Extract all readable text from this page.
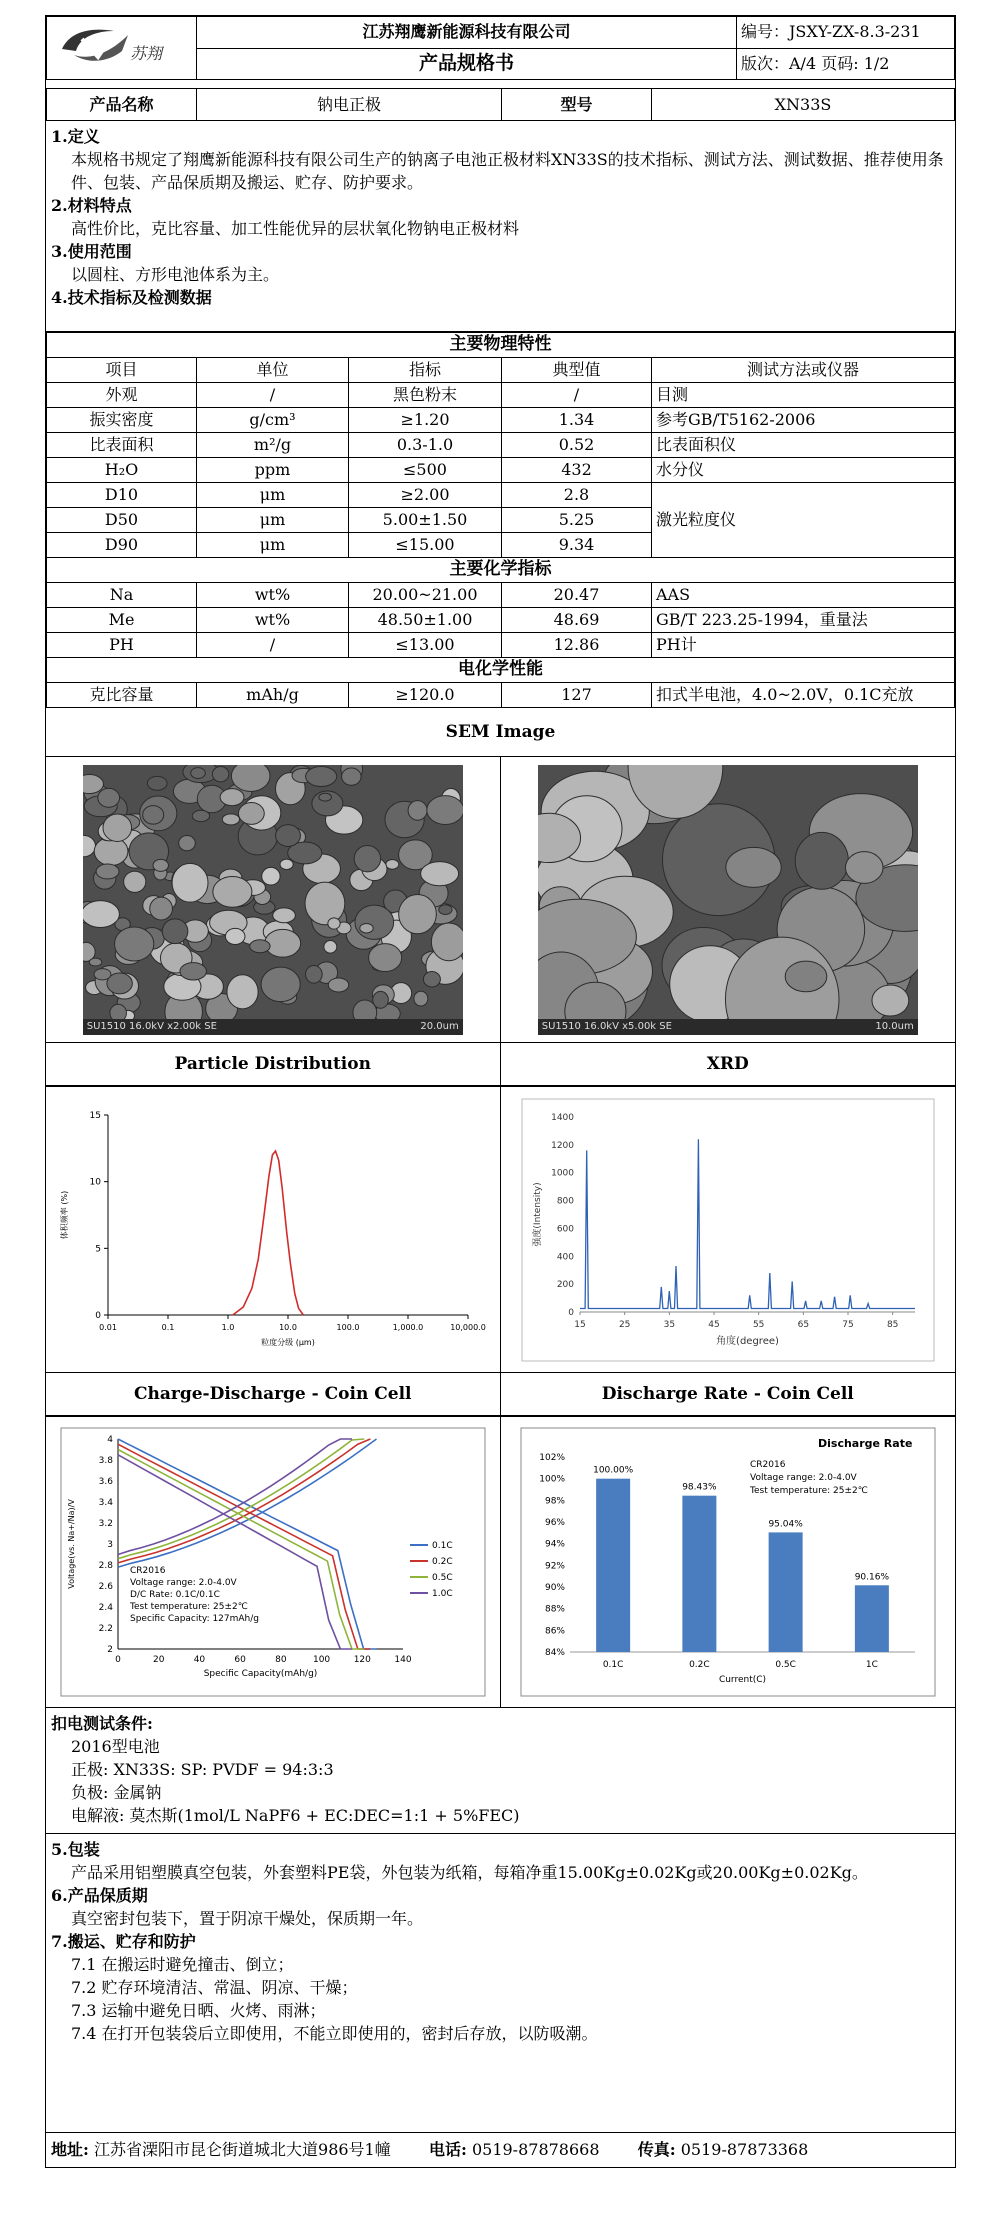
苏翔	江苏翔鹰新能源科技有限公司	编号：JSXY-ZX-8.3-231
	产品规格书	版次：A/4 页码: 1/2
产品名称	钠电正极	型号	XN33S

1.定义

本规格书规定了翔鹰新能源科技有限公司生产的钠离子电池正极材料XN33S的技术指标、测试方法、测试数据、推荐使用条件、包装、产品保质期及搬运、贮存、防护要求。

2.材料特点

高性价比，克比容量、加工性能优异的层状氧化物钠电正极材料

3.使用范围

以圆柱、方形电池体系为主。

4.技术指标及检测数据

主要物理特性				
项目	单位	指标	典型值	测试方法或仪器
外观	/	黑色粉末	/	目测
振实密度	g/cm³	≥1.20	1.34	参考GB/T5162-2006
比表面积	m²/g	0.3-1.0	0.52	比表面积仪
H₂O	ppm	≤500	432	水分仪
D10	μm	≥2.00	2.8	激光粒度仪
D50	μm	5.00±1.50	5.25	
D90	μm	≤15.00	9.34	
主要化学指标				
Na	wt%	20.00~21.00	20.47	AAS
Me	wt%	48.50±1.00	48.69	GB/T 223.25-1994，重量法
PH	/	≤13.00	12.86	PH计
电化学性能				
克比容量	mAh/g	≥120.0	127	扣式半电池，4.0~2.0V，0.1C充放
SEM Image
SU1510 16.0kV x2.00k SE	20.0um	SU1510 16.0kV x5.00k SE	10.0um
Particle Distribution	XRD
0
5
10
15
0.01	0.1	1.0	10.0	100.0	1,000.0	10,000.0
粒度分级 (μm)
体积频率 (%)
0
200
400
600
800
1000
1200
1400
15	25	35	45	55	65	75	85
角度(degree)
强度(Intensity)
Charge-Discharge - Coin Cell	Discharge Rate - Coin Cell
2
2.2
2.4
2.6
2.8
3
3.2
3.4
3.6
3.8
4
0	20	40	60	80	100	120	140
Specific Capacity(mAh/g)
Voltage(vs. Na+/Na)/V	0.1C
0.2C
0.5C
1.0C
CR2016
Voltage range: 2.0-4.0V
D/C Rate: 0.1C/0.1C
Test temperature: 25±2℃
Specific Capacity: 127mAh/g
Discharge Rate
84%
86%
88%
90%
92%
94%
96%
98%
100%
102%
100.00%
0.1C
98.43%
0.2C
95.04%
0.5C
90.16%
1C
Current(C)
CR2016
Voltage range: 2.0-4.0V
Test temperature: 25±2℃

扣电测试条件:

2016型电池

正极: XN33S: SP: PVDF = 94:3:3

负极: 金属钠

电解液: 莫杰斯(1mol/L NaPF6 + EC:DEC=1:1 + 5%FEC)

5.包装

产品采用铝塑膜真空包装，外套塑料PE袋，外包装为纸箱，每箱净重15.00Kg±0.02Kg或20.00Kg±0.02Kg。

6.产品保质期

真空密封包装下，置于阴凉干燥处，保质期一年。

7.搬运、贮存和防护

7.1 在搬运时避免撞击、倒立；

7.2 贮存环境清洁、常温、阴凉、干燥；

7.3 运输中避免日晒、火烤、雨淋；

7.4 在打开包装袋后立即使用，不能立即使用的，密封后存放，以防吸潮。

地址: 江苏省溧阳市昆仑街道城北大道986号1幢 电话: 0519-87878668 传真: 0519-87873368
